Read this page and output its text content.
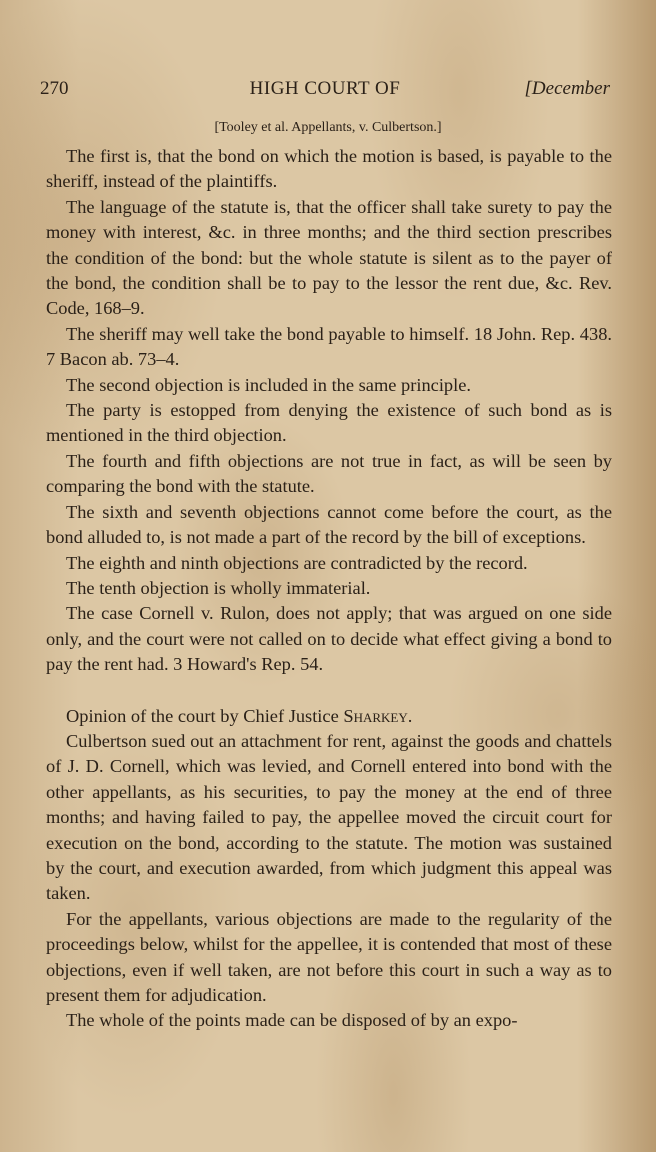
270	HIGH COURT OF	[December
[Tooley et al. Appellants, v. Culbertson.]

The first is, that the bond on which the motion is based, is payable to the sheriff, instead of the plaintiffs.

The language of the statute is, that the officer shall take surety to pay the money with interest, &c. in three months; and the third section prescribes the condition of the bond: but the whole statute is silent as to the payer of the bond, the condition shall be to pay to the lessor the rent due, &c. Rev. Code, 168–9.

The sheriff may well take the bond payable to himself. 18 John. Rep. 438. 7 Bacon ab. 73–4.

The second objection is included in the same principle.

The party is estopped from denying the existence of such bond as is mentioned in the third objection.

The fourth and fifth objections are not true in fact, as will be seen by comparing the bond with the statute.

The sixth and seventh objections cannot come before the court, as the bond alluded to, is not made a part of the record by the bill of exceptions.

The eighth and ninth objections are contradicted by the record.

The tenth objection is wholly immaterial.

The case Cornell v. Rulon, does not apply; that was argued on one side only, and the court were not called on to decide what effect giving a bond to pay the rent had. 3 Howard's Rep. 54.

Opinion of the court by Chief Justice Sharkey.

Culbertson sued out an attachment for rent, against the goods and chattels of J. D. Cornell, which was levied, and Cornell entered into bond with the other appellants, as his securities, to pay the money at the end of three months; and having failed to pay, the appellee moved the circuit court for execution on the bond, according to the statute. The motion was sustained by the court, and execution awarded, from which judgment this appeal was taken.

For the appellants, various objections are made to the regularity of the proceedings below, whilst for the appellee, it is contended that most of these objections, even if well taken, are not before this court in such a way as to present them for adjudication.

The whole of the points made can be disposed of by an expo-
